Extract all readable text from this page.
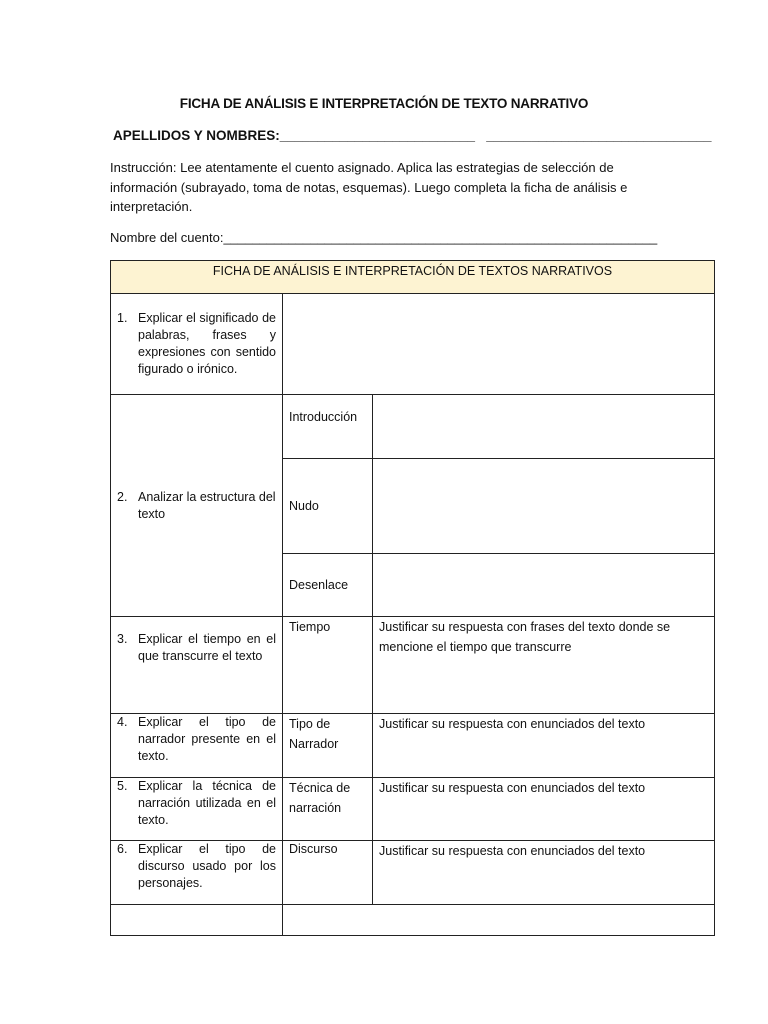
FICHA DE ANÁLISIS E INTERPRETACIÓN DE TEXTO NARRATIVO
APELLIDOS Y NOMBRES:__________________________ ______________________________
Instrucción: Lee atentamente el cuento asignado. Aplica las estrategias de selección de información (subrayado, toma de notas, esquemas). Luego completa la ficha de análisis e interpretación.
Nombre del cuento:____________________________________________________________
FICHA DE ANÁLISIS E INTERPRETACIÓN DE TEXTOS NARRATIVOS		

1. Explicar el significado de palabras, frases y expresiones con sentido figurado o irónico.		

2. Analizar la estructura del texto	Introducción	

	Nudo	

	Desenlace	

3. Explicar el tiempo en el que transcurre el texto	Tiempo	Justificar su respuesta con frases del texto donde se mencione el tiempo que transcurre

4. Explicar el tipo de narrador presente en el texto.	Tipo de Narrador	Justificar su respuesta con enunciados del texto

5. Explicar la técnica de narración utilizada en el texto.	Técnica de narración	Justificar su respuesta con enunciados del texto

6. Explicar el tipo de discurso usado por los personajes.	Discurso	Justificar su respuesta con enunciados del texto
